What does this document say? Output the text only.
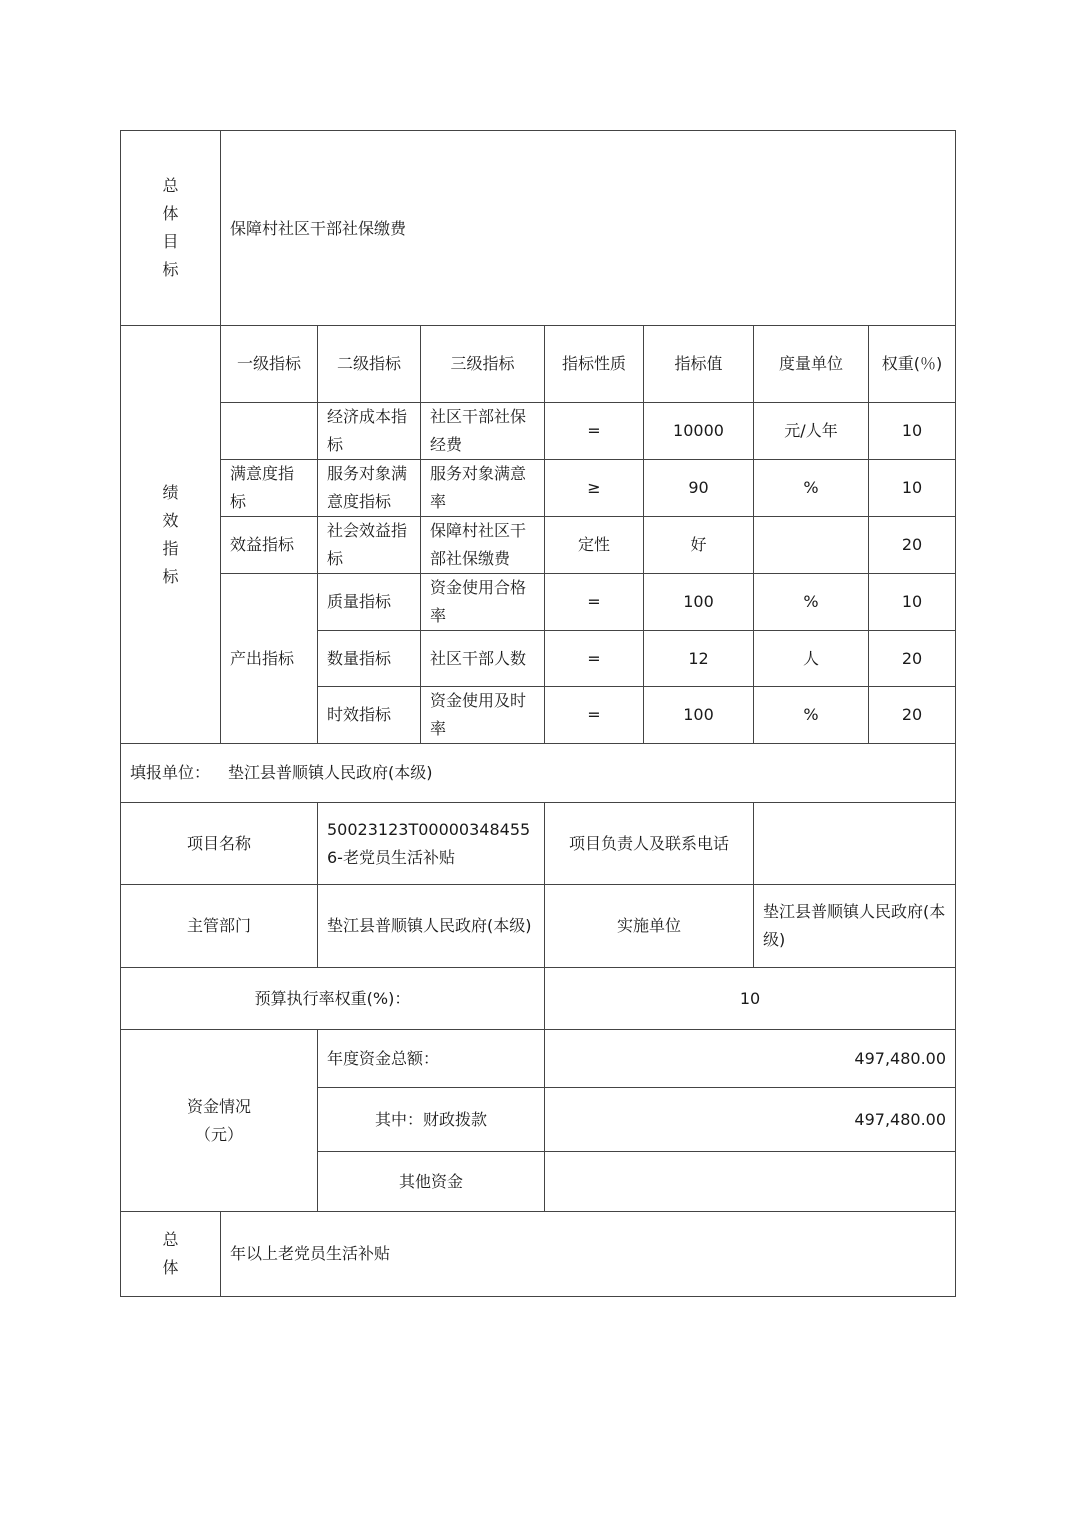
总
体
目
标	保障村社区干部社保缴费						

绩
效
指
标	一级指标	二级指标	三级指标	指标性质	指标值	度量单位	权重(％)
		经济成本指标	社区干部社保经费	=	10000	元/人年	10
	满意度指标	服务对象满意度指标	服务对象满意率	≥	90	%	10
	效益指标	社会效益指标	保障村社区干部社保缴费	定性	好		20
	产出指标	质量指标	资金使用合格率	=	100	%	10
		数量指标	社区干部人数	=	12	人	20
		时效指标	资金使用及时率	=	100	%	20
填报单位： 垫江县普顺镇人民政府(本级)				
项目名称		50023123T000003484556-老党员生活补贴	项目负责人及联系电话	
主管部门		垫江县普顺镇人民政府(本级)	实施单位	垫江县普顺镇人民政府(本级)
预算执行率权重(%)：			10	

资金情况
（元）		年度资金总额：	497,480.00	
		其中：财政拨款	497,480.00	
		其他资金		

总
体	年以上老党员生活补贴			
